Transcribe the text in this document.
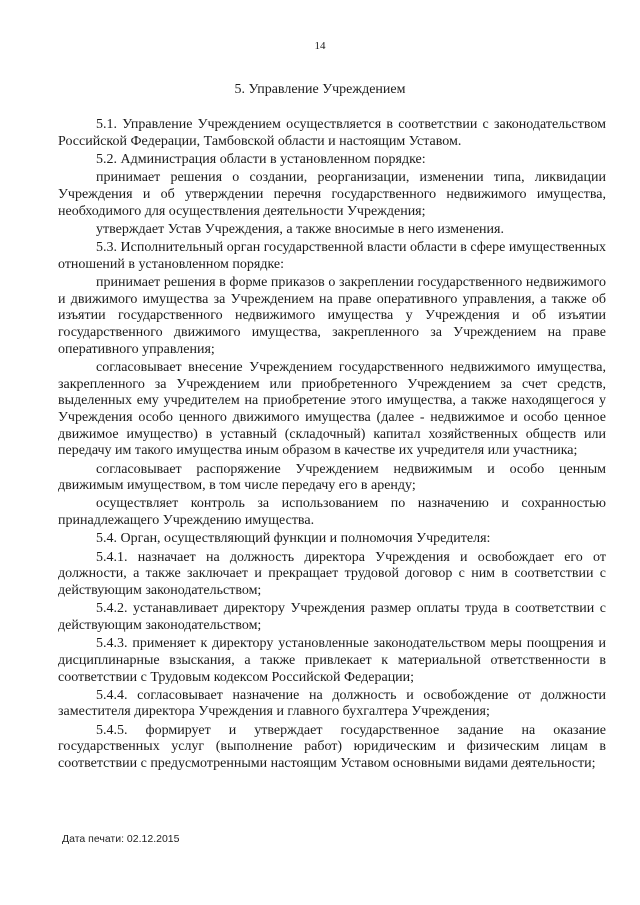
14
5. Управление Учреждением

5.1. Управление Учреждением осуществляется в соответствии с законодательством Российской Федерации, Тамбовской области и настоящим Уставом.

5.2. Администрация области в установленном порядке:

принимает решения о создании, реорганизации, изменении типа, ликвидации Учреждения и об утверждении перечня государственного недвижимого имущества, необходимого для осуществления деятельности Учреждения;

утверждает Устав Учреждения, а также вносимые в него изменения.

5.3. Исполнительный орган государственной власти области в сфере имущественных отношений в установленном порядке:

принимает решения в форме приказов о закреплении государственного недвижимого и движимого имущества за Учреждением на праве оперативного управления, а также об изъятии государственного недвижимого имущества у Учреждения и об изъятии государственного движимого имущества, закрепленного за Учреждением на праве оперативного управления;

согласовывает внесение Учреждением государственного недвижимого имущества, закрепленного за Учреждением или приобретенного Учреждением за счет средств, выделенных ему учредителем на приобретение этого имущества, а также находящегося у Учреждения особо ценного движимого имущества (далее - недвижимое и особо ценное движимое имущество) в уставный (складочный) капитал хозяйственных обществ или передачу им такого имущества иным образом в качестве их учредителя или участника;

согласовывает распоряжение Учреждением недвижимым и особо ценным движимым имуществом, в том числе передачу его в аренду;

осуществляет контроль за использованием по назначению и сохранностью принадлежащего Учреждению имущества.

5.4. Орган, осуществляющий функции и полномочия Учредителя:

5.4.1. назначает на должность директора Учреждения и освобождает его от должности, а также заключает и прекращает трудовой договор с ним в соответствии с действующим законодательством;

5.4.2. устанавливает директору Учреждения размер оплаты труда в соответствии с действующим законодательством;

5.4.3. применяет к директору установленные законодательством меры поощрения и дисциплинарные взыскания, а также привлекает к материальной ответственности в соответствии с Трудовым кодексом Российской Федерации;

5.4.4. согласовывает назначение на должность и освобождение от должности заместителя директора Учреждения и главного бухгалтера Учреждения;

5.4.5. формирует и утверждает государственное задание на оказание государственных услуг (выполнение работ) юридическим и физическим лицам в соответствии с предусмотренными настоящим Уставом основными видами деятельности;

Дата печати: 02.12.2015
